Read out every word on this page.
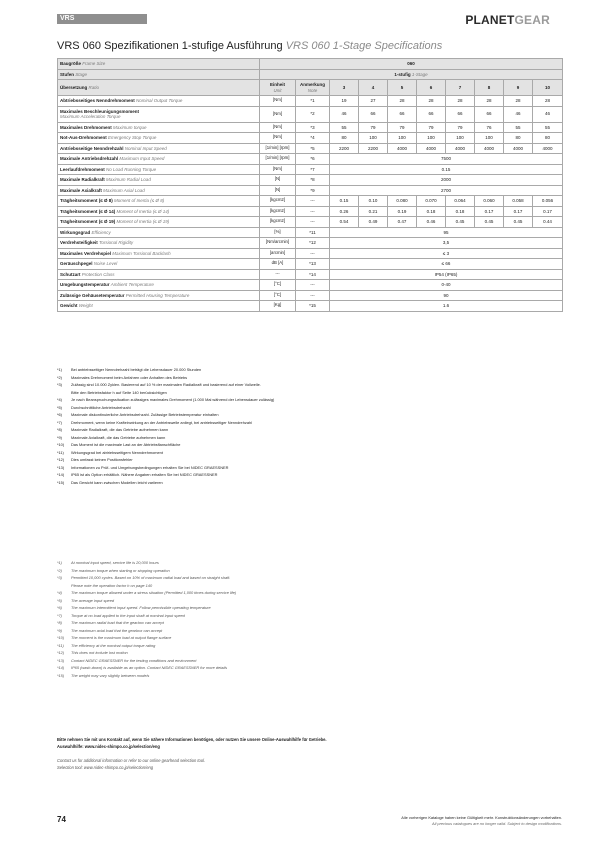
VRS	PLANETGEAR
VRS 060 Spezifikationen 1-stufige Ausführung VRS 060 1-Stage Specifications
Baugröße Frame Size	060									
Stufen Stage	1-stufig 1-Stage									
Übersetzung Ratio	Einheit
Unit	Anmerkung
Note	3	4	5	6	7	8	9	10
Abtriebsseitiges Nenndrehmoment Nominal Output Torque	[Nm]	*1	19	27	28	28	28	28	28	28
Maximales Beschleunigungsmoment
Maximum Acceleration Torque	[Nm]	*2	46	66	66	66	66	66	46	46
Maximales Drehmoment Maximum torque	[Nm]	*3	55	79	79	79	79	76	55	55
Not-Aus-Drehmoment Emergency Stop Torque	[Nm]	*4	80	100	100	100	100	100	80	80
Antriebsseitige Nenndrehzahl Nominal Input Speed	[1/min] [rpm]	*5	2200	2200	4000	4000	4000	4000	4000	4000
Maximale Antriebsdrehzahl Maximum Input Speed	[1/min] [rpm]	*6	7500							
Leerlaufdrehmoment No Load Running Torque	[Nm]	*7	0.15							
Maximale Radialkraft Maximum Radial Load	[N]	*8	2000							
Maximale Axialkraft Maximum Axial Load	[N]	*9	2700							
Trägheitsmoment (≤ Ø 8) Moment of Inertia (≤ Ø 8)	[kgcm2]	---	0.15	0.10	0.080	0.070	0.064	0.060	0.058	0.056
Trägheitsmoment (≤ Ø 14) Moment of Inertia (≤ Ø 14)	[kgcm2]	---	0.26	0.21	0.19	0.18	0.18	0.17	0.17	0.17
Trägheitsmoment (≤ Ø 19) Moment of Inertia (≤ Ø 19)	[kgcm2]	---	0.54	0.49	0.47	0.46	0.45	0.45	0.45	0.44
Wirkungsgrad Efficiency	[%]	*11	95							
Verdrehsteifigkeit Torsional Rigidity	[Nm/arcmin]	*12	3,5							
Maximales Verdrehspiel Maximum Torsional Backlash	[arcmin]	---	≤ 3							
Geräuschpegel Noise Level	dB [A]	*13	≤ 66							
Schutzart Protection Class	---	*14	IP54 (IP65)							
Umgebungstemperatur Ambient Temperature	[°C]	---	0-40							
Zulässige Gehäusetemperatur Permitted Housing Temperature	[°C]	---	90							
Gewicht Weight	[Kg]	*15	1.6							
*1)	Bei antriebsseitiger Nenndrehzahl beträgt die Lebensdauer 20.000 Stunden
*2)	Maximales Drehmoment beim Anfahren oder Anhalten des Betriebs
*3)	Zulässig sind 10.000 Zyklen. Basierend auf 10 % der maximalen Radialkraft und basierend auf einer Vollwelle.
Bitte den Betriebsfaktor h auf Seite 140 berücksichtigen
*4)	Je nach Beanspruchungssituation zulässiges maximales Drehmoment (1.000 Mal während der Lebensdauer zulässig)
*5)	Durchschnittliche Antriebsdrehzahl
*6)	Maximale diskontinuierliche Antriebsdrehzahl. Zulässige Betriebstemperatur einhalten
*7)	Drehmoment, wenn keine Krafteinwirkung an der Antriebswelle anliegt, bei antriebsseitiger Nenndrehzahl
*8)	Maximale Radialkraft, die das Getriebe aufnehmen kann
*9)	Maximale Axialkraft, die das Getriebe aufnehmen kann
*10)	Das Moment ist die maximale Last an der Abtriebsflanschfläche
*11)	Wirkungsgrad bei abtriebsseitigem Nenndrehmoment
*12)	Dies umfasst keinen Positionsfehler
*13)	Informationen zu Prüf- und Umgebungsbedingungen erhalten Sie bei NIDEC GRAESSNER
*14)	IP65 ist als Option erhältlich. Nähere Angaben erhalten Sie bei NIDEC GRAESSNER
*15)	Das Gewicht kann zwischen Modellen leicht variieren
*1)	At nominal input speed, service life is 20,000 hours
*2)	The maximum torque when starting or stopping operation
*3)	Permitted 10,000 cycles. Based on 10% of maximum radial load and based on straight shaft.
Please note the operation factor h on page 140
*4)	The maximum torque allowed under a stress situation (Permitted 1,000 times during service life)
*5)	The average input speed
*6)	The maximum intermittent input speed. Follow permissible operating temperature
*7)	Torque at no load applied to the input shaft at nominal input speed
*8)	The maximum radial load that the gearbox can accept
*9)	The maximum axial load that the gearbox can accept
*10)	The moment is the maximum load at output flange surface
*11)	The efficiency at the nominal output torque rating
*12)	This does not include lost motion
*13)	Contact NIDEC GRAESSNER for the testing conditions and environment
*14)	IP65 (wash-down) is available as an option. Contact NIDEC GRAESSNER for more details
*15)	The weight may vary slightly between models

Bitte nehmen Sie mit uns Kontakt auf, wenn Sie nähere Informationen benötigen, oder nutzen Sie unsere Online-Auswahlhilfe für Getriebe.

Auswahlhilfe: www.nidec-shimpo.co.jp/selection/eng

Contact us for additional information or refer to our online gearhead selection tool.

Selection tool: www.nidec-shimpo.co.jp/selection/eng

74	Alle vorherigen Kataloge haben keine Gültigkeit mehr. Konstruktionsänderungen vorbehalten.
All previous catalogues are no longer valid. Subject to design modifications.
